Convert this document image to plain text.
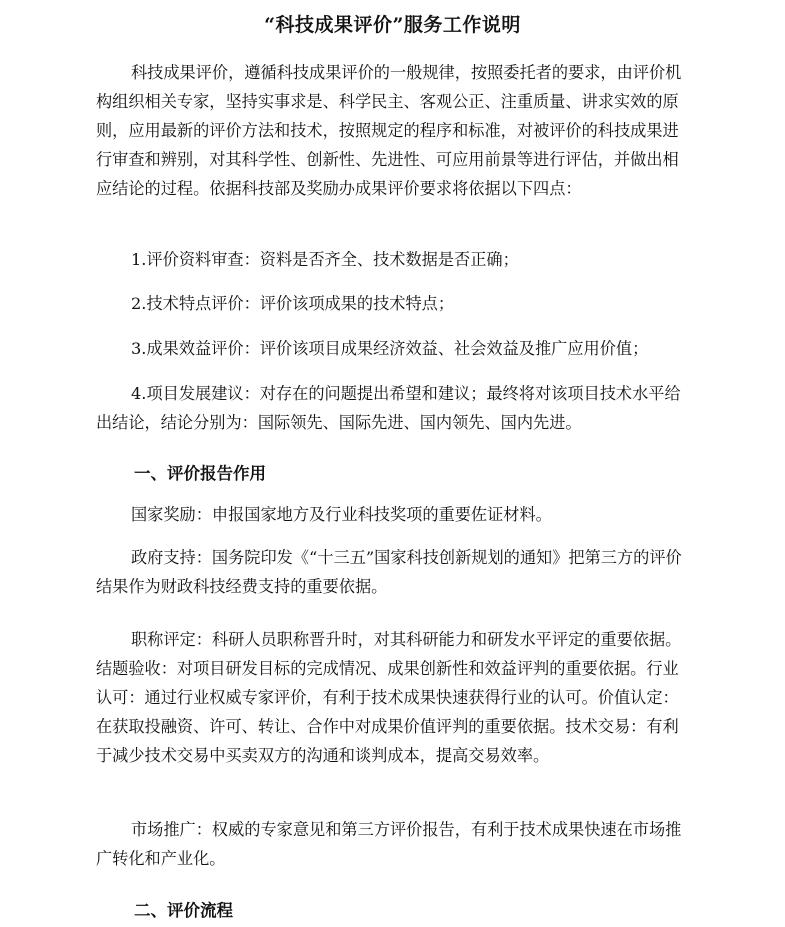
“科技成果评价”服务工作说明

科技成果评价，遵循科技成果评价的一般规律，按照委托者的要求，由评价机构组织相关专家，坚持实事求是、科学民主、客观公正、注重质量、讲求实效的原则，应用最新的评价方法和技术，按照规定的程序和标准，对被评价的科技成果进行审查和辨别，对其科学性、创新性、先进性、可应用前景等进行评估，并做出相应结论的过程。依据科技部及奖励办成果评价要求将依据以下四点：

1.评价资料审查：资料是否齐全、技术数据是否正确；

2.技术特点评价：评价该项成果的技术特点；

3.成果效益评价：评价该项目成果经济效益、社会效益及推广应用价值；

4.项目发展建议：对存在的问题提出希望和建议；最终将对该项目技术水平给出结论，结论分别为：国际领先、国际先进、国内领先、国内先进。

一、评价报告作用

国家奖励：申报国家地方及行业科技奖项的重要佐证材料。

政府支持：国务院印发《“十三五”国家科技创新规划的通知》把第三方的评价结果作为财政科技经费支持的重要依据。

职称评定：科研人员职称晋升时，对其科研能力和研发水平评定的重要依据。结题验收：对项目研发目标的完成情况、成果创新性和效益评判的重要依据。行业认可：通过行业权威专家评价，有利于技术成果快速获得行业的认可。价值认定：在获取投融资、许可、转让、合作中对成果价值评判的重要依据。技术交易：有利于减少技术交易中买卖双方的沟通和谈判成本，提高交易效率。

市场推广：权威的专家意见和第三方评价报告，有利于技术成果快速在市场推广转化和产业化。

二、评价流程
